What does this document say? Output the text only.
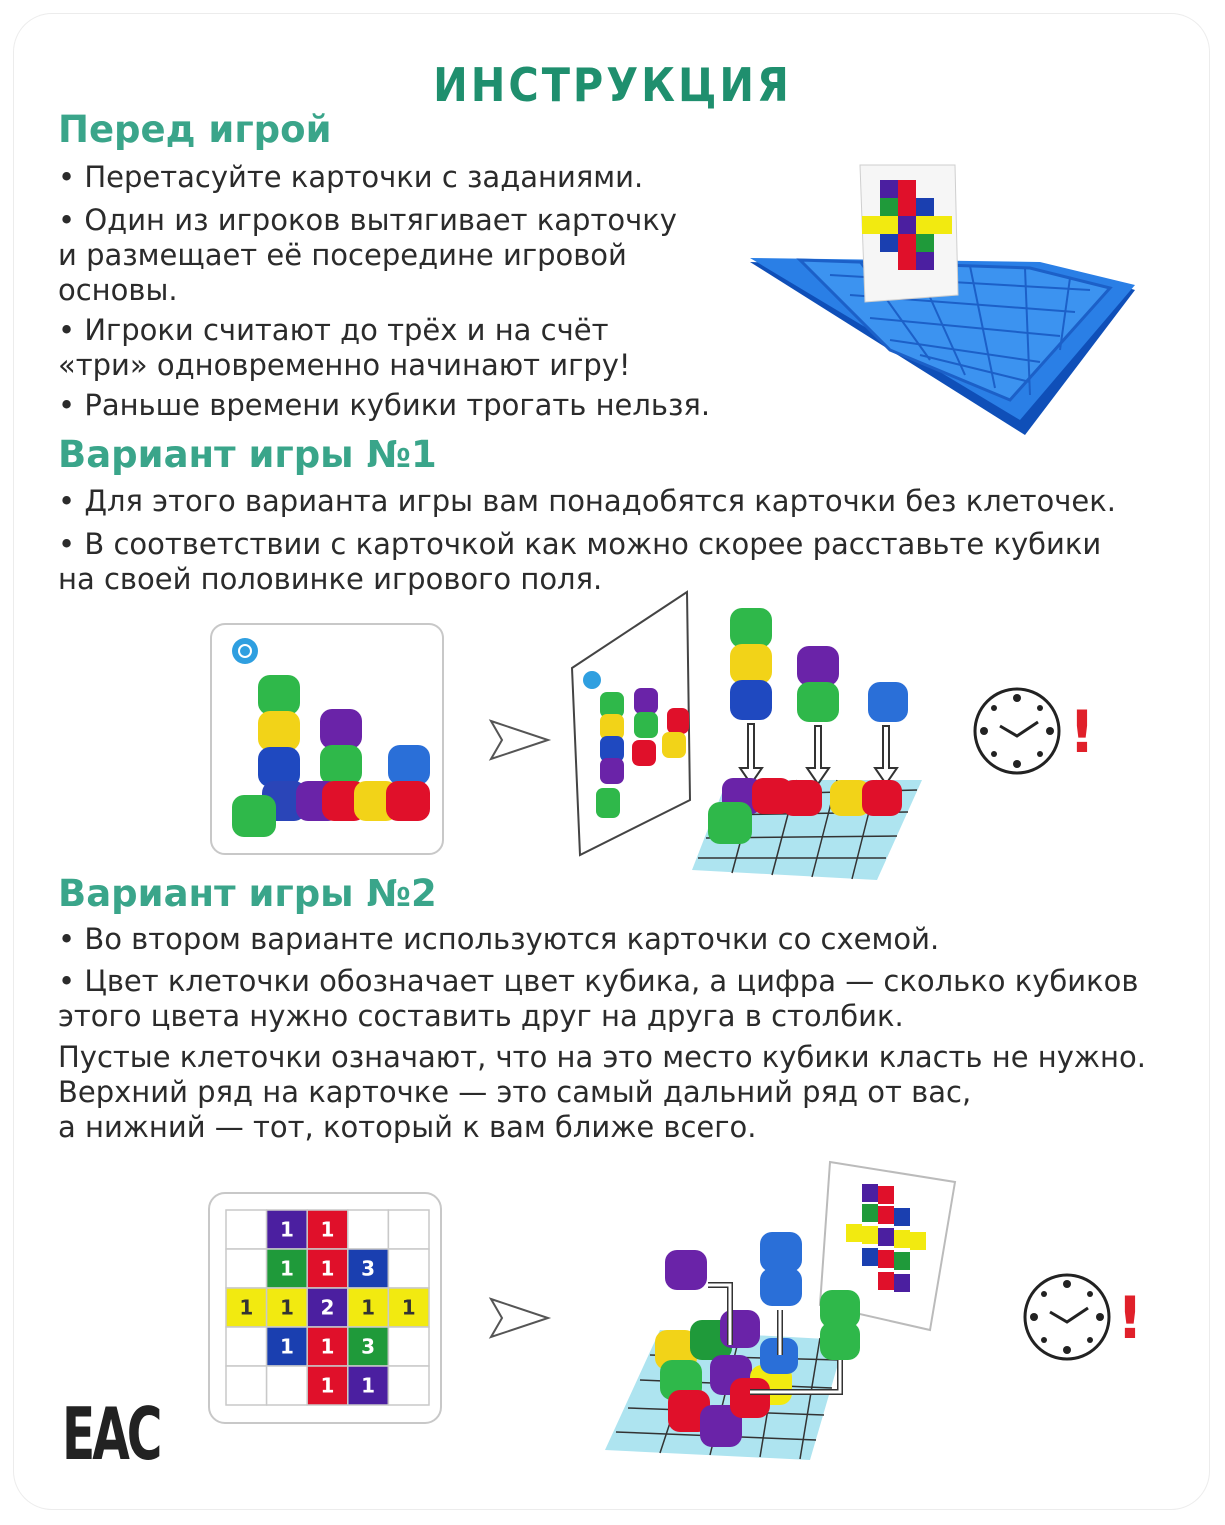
ИНСТРУКЦИЯ
Перед игрой
• Перетасуйте карточки с заданиями.
• Один из игроков вытягивает карточку
и размещает её посередине игровой
основы.
• Игроки считают до трёх и на счёт
«три» одновременно начинают игру!
• Раньше времени кубики трогать нельзя.
Вариант игры №1
• Для этого варианта игры вам понадобятся карточки без клеточек.
• В соответствии с карточкой как можно скорее расставьте кубики
на своей половинке игрового поля.
!
Вариант игры №2
• Во втором варианте используются карточки со схемой.
• Цвет клеточки обозначает цвет кубика, а цифра — сколько кубиков
этого цвета нужно составить друг на друга в столбик.
Пустые клеточки означают, что на это место кубики класть не нужно.
Верхний ряд на карточке — это самый дальний ряд от вас,
а нижний — тот, который к вам ближе всего.
1 1
1 1 3
1 1 2 1 1
1 1 3
1 1
!
EAC
